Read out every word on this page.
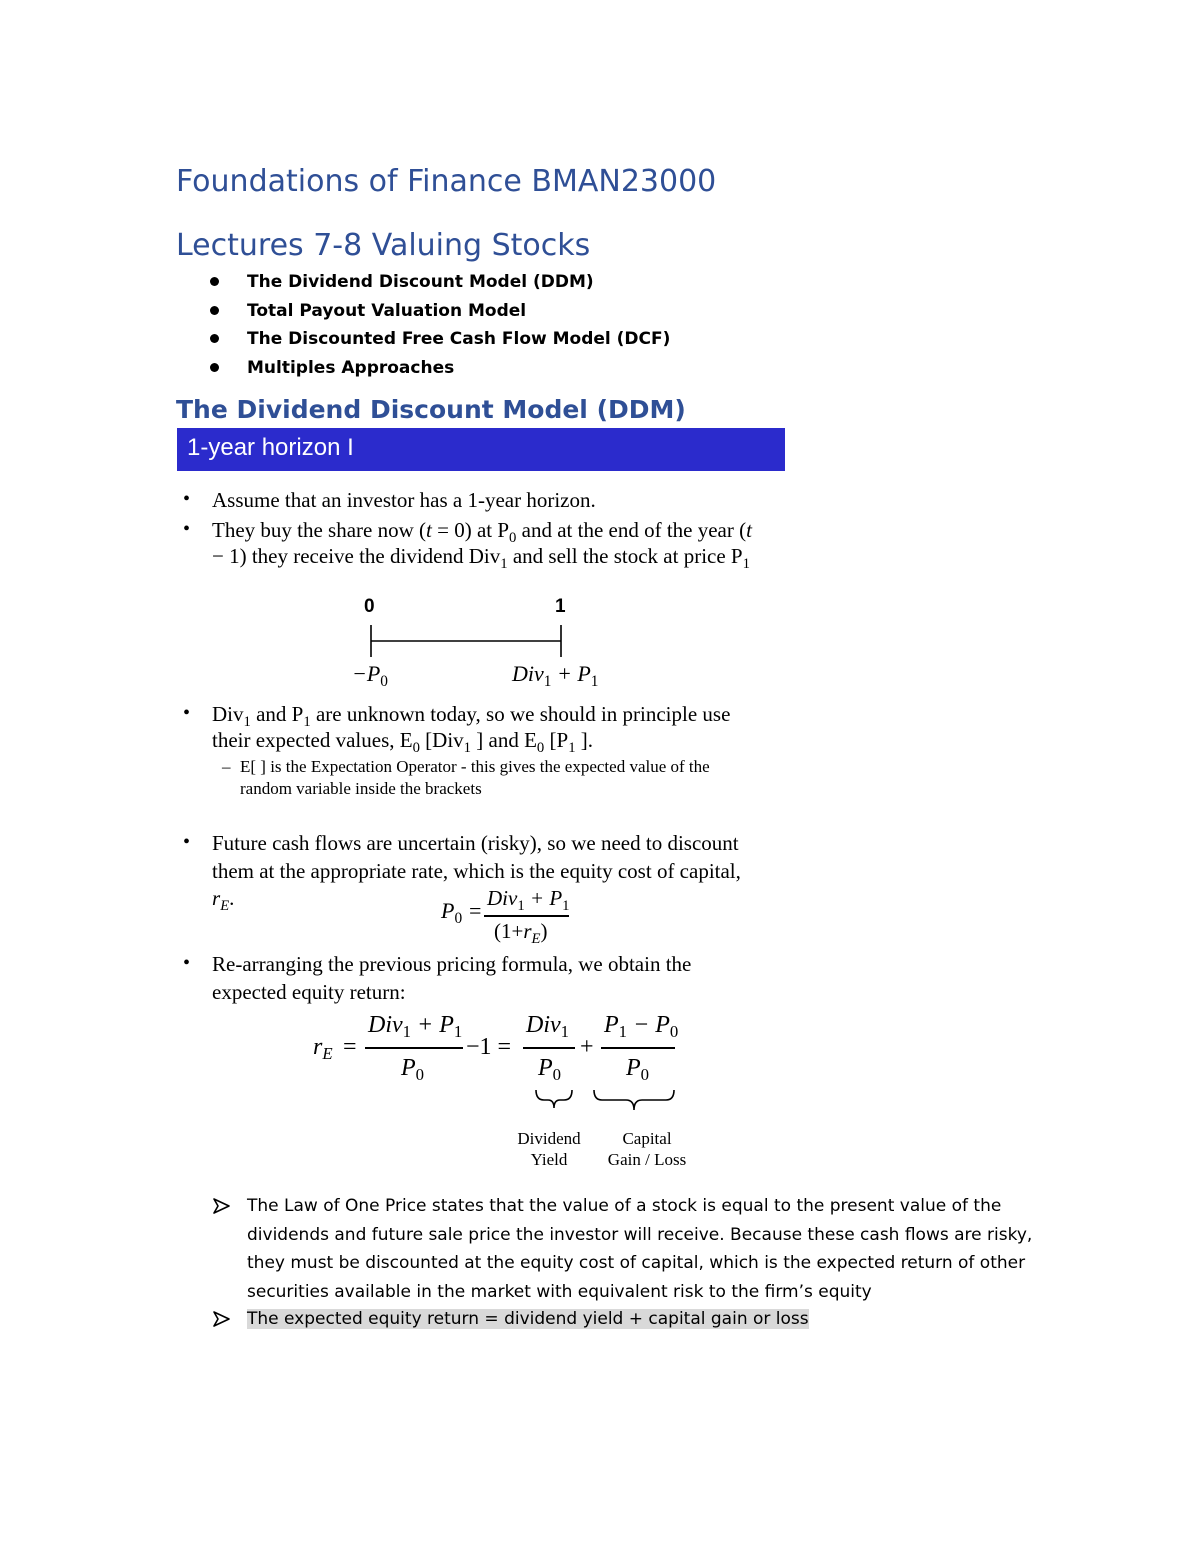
Foundations of Finance BMAN23000
Lectures 7-8 Valuing Stocks
The Dividend Discount Model (DDM)
Total Payout Valuation Model
The Discounted Free Cash Flow Model (DCF)
Multiples Approaches
The Dividend Discount Model (DDM)
1-year horizon I
• Assume that an investor has a 1-year horizon.
• They buy the share now (t = 0) at $P_0$ and at the end of the year (t
− 1) they receive the dividend Div$_1$ and sell the stock at price $P_1$
0	1
$-P_0$	$Div_1 + P_1$
• Div$_1$ and $P_1$ are unknown today, so we should in principle use
their expected values, $E_0$ [Div$_1$ ] and $E_0$ [$P_1$ ].
– E[ ] is the Expectation Operator - this gives the expected value of the
random variable inside the brackets
• Future cash flows are uncertain (risky), so we need to discount
them at the appropriate rate, which is the equity cost of capital,
$r_E$.	$P_0 = Div_1 + P_1$
$(1+r_E)$
• Re-arranging the previous pricing formula, we obtain the
expected equity return:
$r_E$ =
$Div_1 + P_1$
$P_0$
−1 =
Div$_1$
$P_0$
+
$P_1 - P_0$
$P_0$
Dividend
Yield
Capital
Gain / Loss
The Law of One Price states that the value of a stock is equal to the present value of the dividends and future sale price the investor will receive. Because these cash flows are risky, they must be discounted at the equity cost of capital, which is the expected return of other securities available in the market with equivalent risk to the firm’s equity
The expected equity return = dividend yield + capital gain or loss
